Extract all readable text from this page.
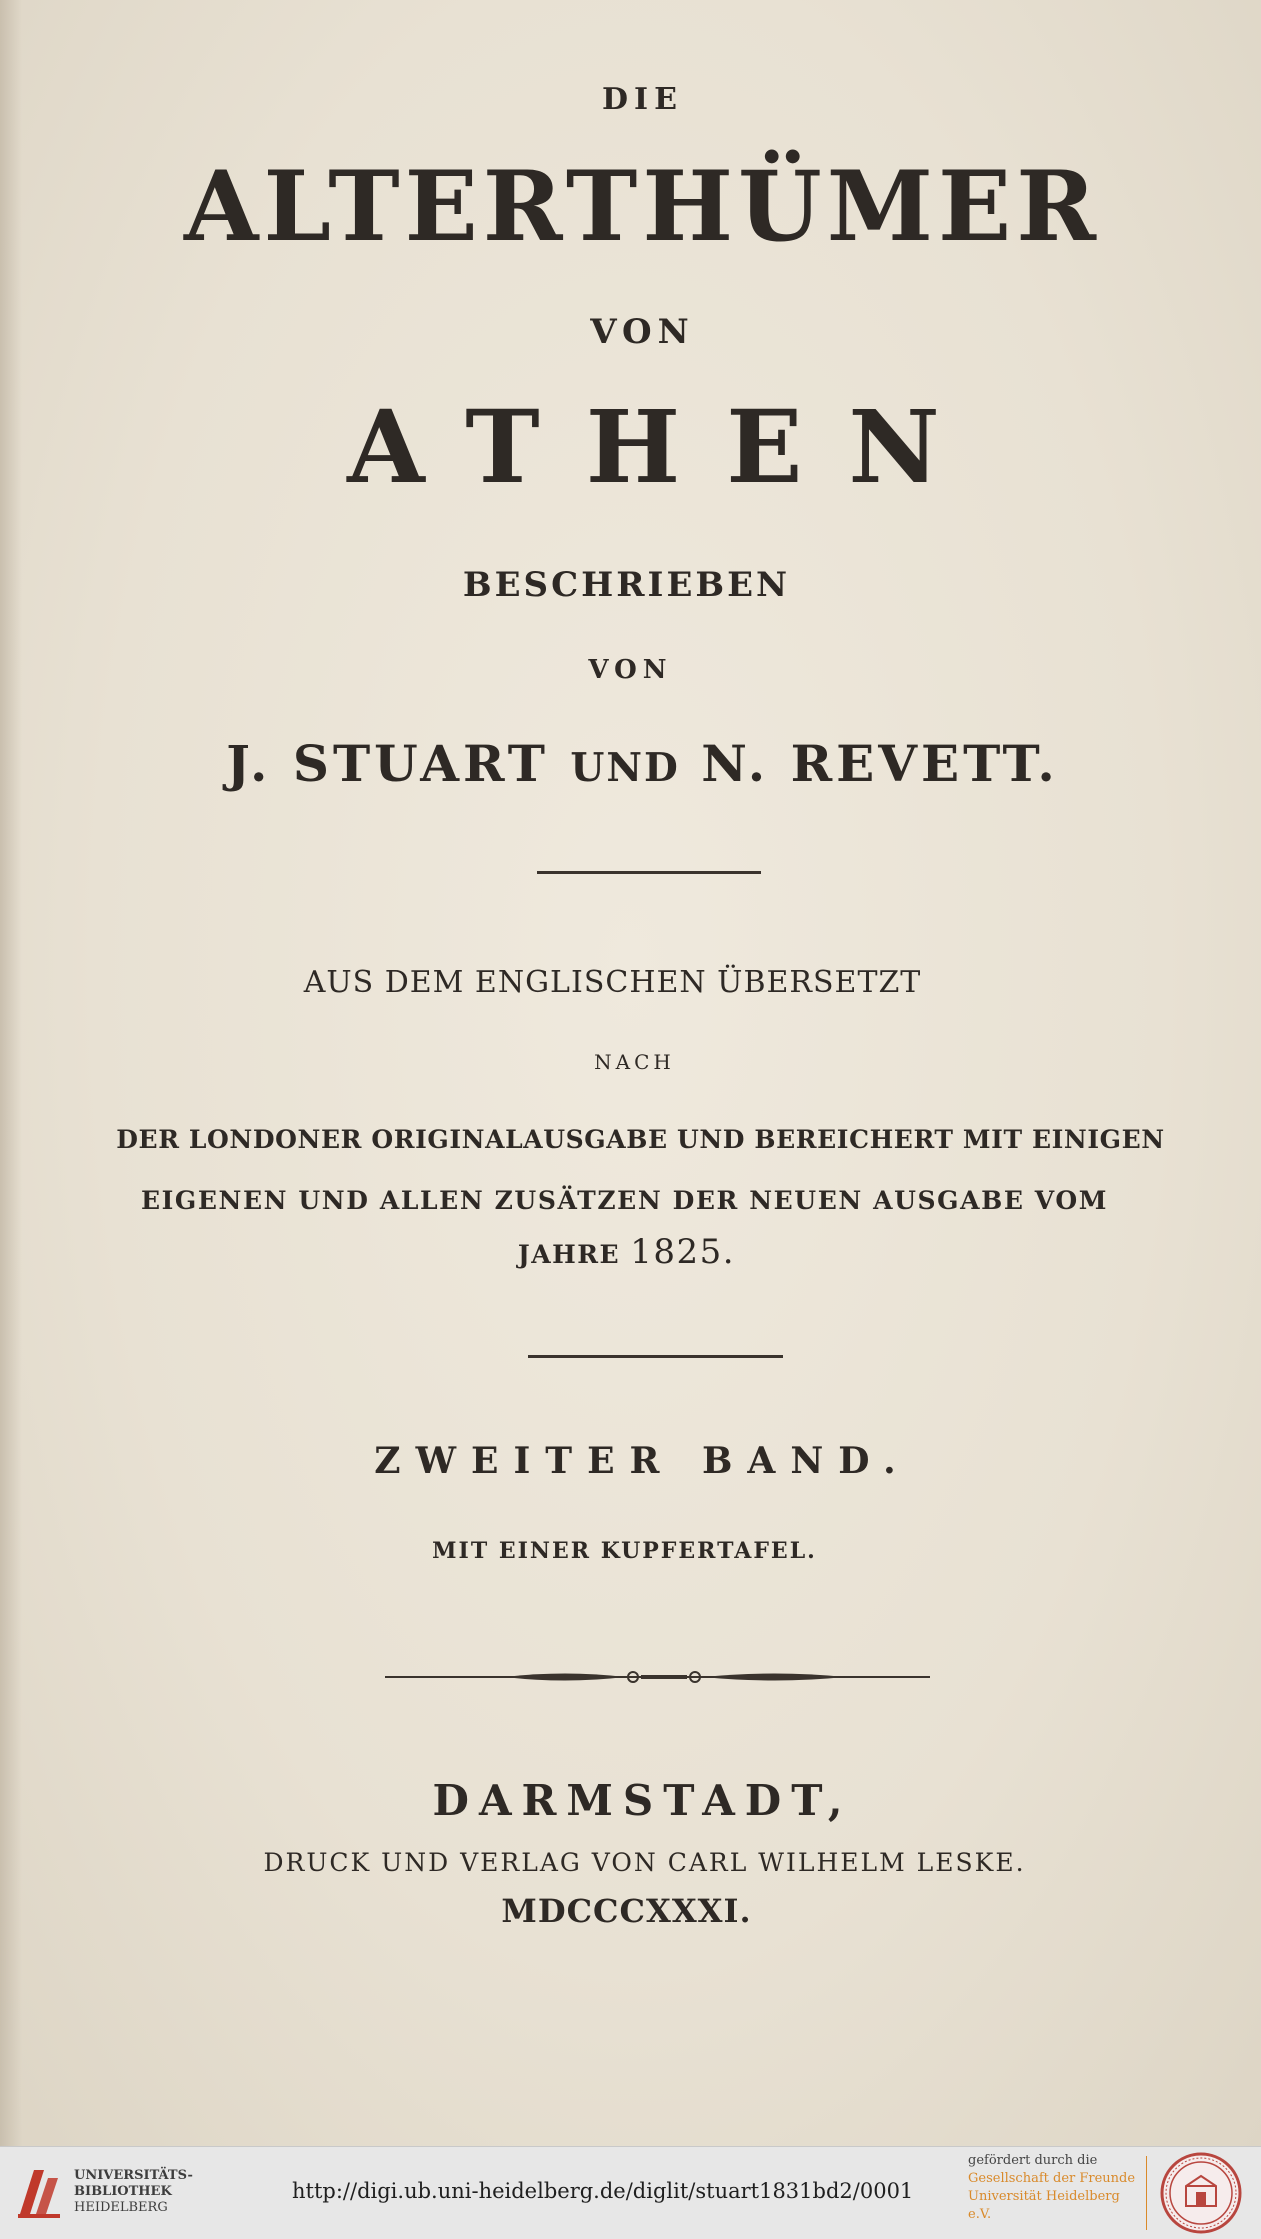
DIE
ALTERTHÜMER
VON
ATHEN
BESCHRIEBEN
VON
J. STUART UND N. REVETT.
AUS DEM ENGLISCHEN ÜBERSETZT
NACH
DER LONDONER ORIGINALAUSGABE UND BEREICHERT MIT EINIGEN
EIGENEN UND ALLEN ZUSÄTZEN DER NEUEN AUSGABE VOM
JAHRE 1825.
ZWEITER BAND.
MIT EINER KUPFERTAFEL.
DARMSTADT,
DRUCK UND VERLAG VON CARL WILHELM LESKE.
MDCCCXXXI.
UNIVERSITÄTS-
BIBLIOTHEK
HEIDELBERG
http://digi.ub.uni-heidelberg.de/diglit/stuart1831bd2/0001
gefördert durch die
Gesellschaft der Freunde
Universität Heidelberg e.V.
